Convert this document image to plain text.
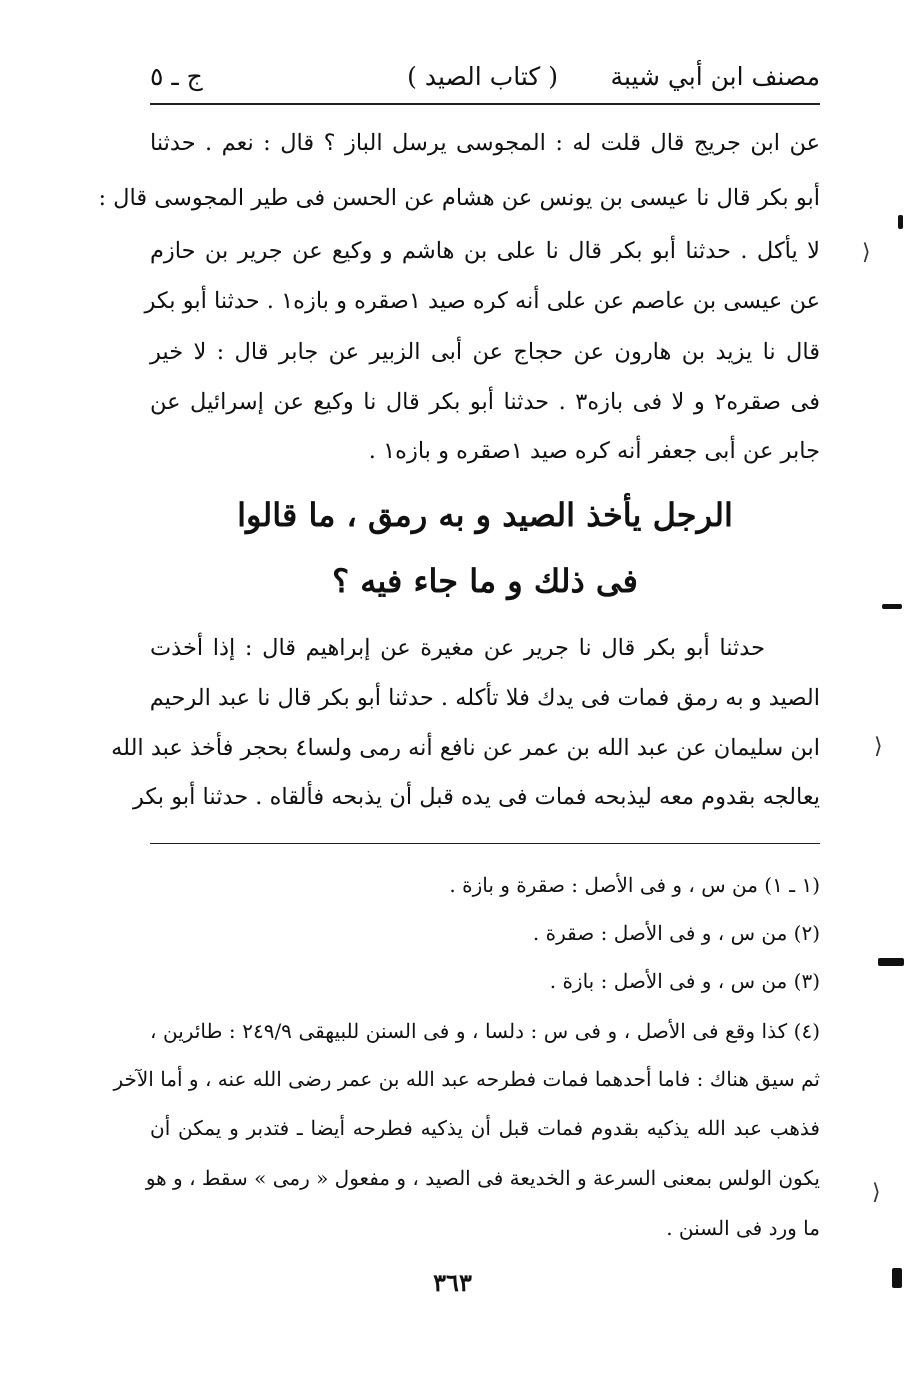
مصنف ابن أبي شيبة
( كتاب الصيد )
ج ـ ٥
عن ابن جريج قال قلت له : المجوسى يرسل الباز ؟ قال : نعم . حدثنا
أبو بكر قال نا عيسى بن يونس عن هشام عن الحسن فى طير المجوسى قال :
لا يأكل . حدثنا أبو بكر قال نا على بن هاشم و وكيع عن جرير بن حازم
عن عيسى بن عاصم عن على أنه كره صيد ١صقره و بازه١ . حدثنا أبو بكر
قال نا يزيد بن هارون عن حجاج عن أبى الزبير عن جابر قال : لا خير
فى صقره٢ و لا فى بازه٣ . حدثنا أبو بكر قال نا وكيع عن إسرائيل عن
جابر عن أبى جعفر أنه كره صيد ١صقره و بازه١ .
الرجل يأخذ الصيد و به رمق ، ما قالوا
فى ذلك و ما جاء فيه ؟
حدثنا أبو بكر قال نا جرير عن مغيرة عن إبراهيم قال : إذا أخذت
الصيد و به رمق فمات فى يدك فلا تأكله . حدثنا أبو بكر قال نا عبد الرحيم
ابن سليمان عن عبد الله بن عمر عن نافع أنه رمى ولسا٤ بحجر فأخذ عبد الله
يعالجه بقدوم معه ليذبحه فمات فى يده قبل أن يذبحه فألقاه . حدثنا أبو بكر
(١ ـ ١) من س ، و فى الأصل : صقرة و بازة .
(٢) من س ، و فى الأصل : صقرة .
(٣) من س ، و فى الأصل : بازة .
(٤) كذا وقع فى الأصل ، و فى س : دلسا ، و فى السنن للبيهقى ٢٤٩/٩ : طائرين ،
ثم سيق هناك : فاما أحدهما فمات فطرحه عبد الله بن عمر رضى الله عنه ، و أما الآخر
فذهب عبد الله يذكيه بقدوم فمات قبل أن يذكيه فطرحه أيضا ـ فتدبر و يمكن أن
يكون الولس بمعنى السرعة و الخديعة فى الصيد ، و مفعول « رمى » سقط ، و هو
ما ورد فى السنن .
٣٦٣
⟩
⟩
⟩
